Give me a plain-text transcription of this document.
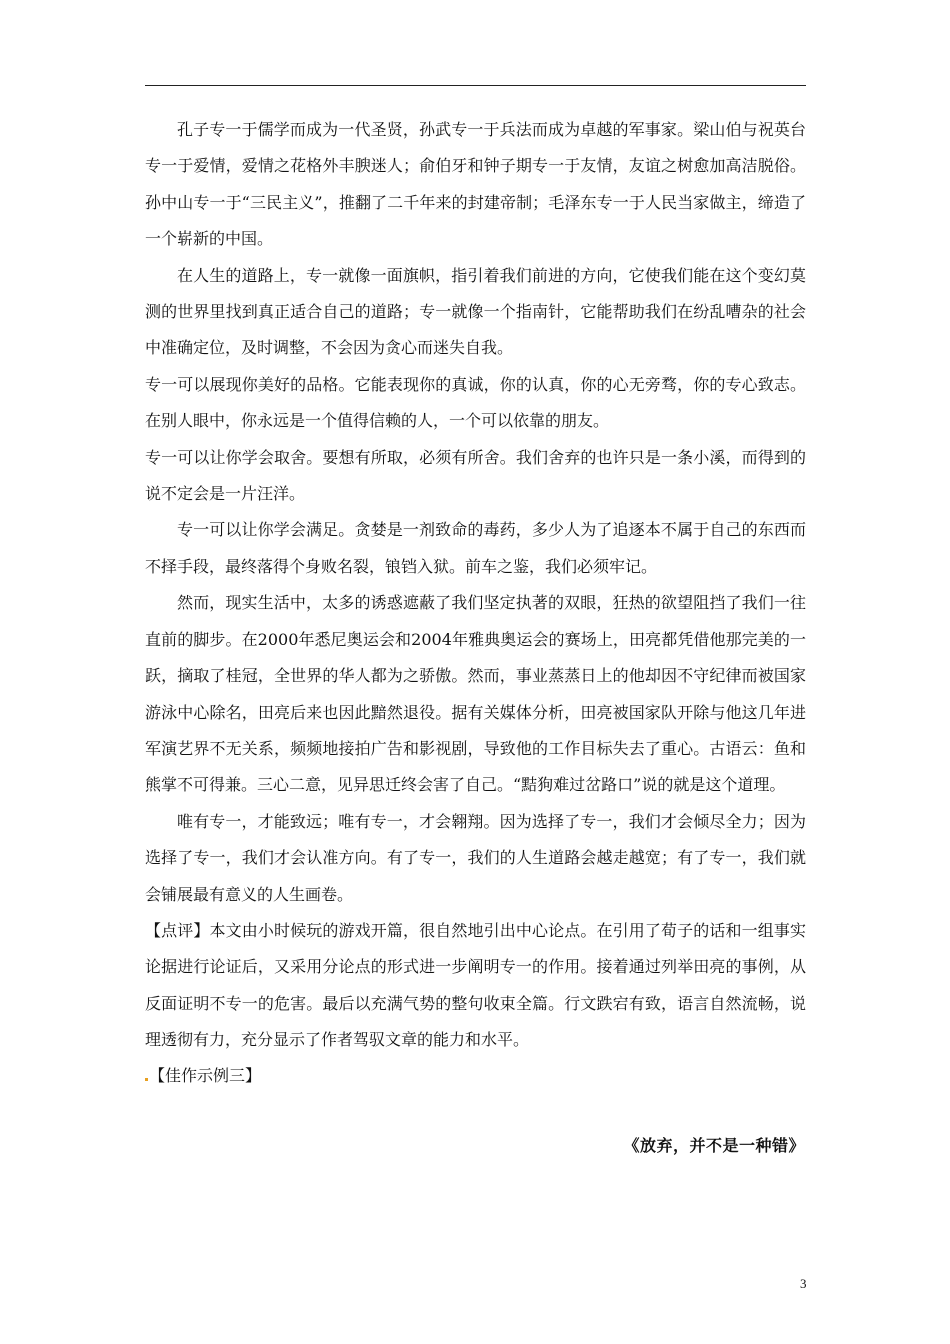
孔子专一于儒学而成为一代圣贤，孙武专一于兵法而成为卓越的军事家。梁山伯与祝英台专一于爱情，爱情之花格外丰腴迷人；俞伯牙和钟子期专一于友情，友谊之树愈加高洁脱俗。孙中山专一于“三民主义”，推翻了二千年来的封建帝制；毛泽东专一于人民当家做主，缔造了一个崭新的中国。

在人生的道路上，专一就像一面旗帜，指引着我们前进的方向，它使我们能在这个变幻莫测的世界里找到真正适合自己的道路；专一就像一个指南针，它能帮助我们在纷乱嘈杂的社会中准确定位，及时调整，不会因为贪心而迷失自我。

专一可以展现你美好的品格。它能表现你的真诚，你的认真，你的心无旁骛，你的专心致志。在别人眼中，你永远是一个值得信赖的人，一个可以依靠的朋友。

专一可以让你学会取舍。要想有所取，必须有所舍。我们舍弃的也许只是一条小溪，而得到的说不定会是一片汪洋。

专一可以让你学会满足。贪婪是一剂致命的毒药，多少人为了追逐本不属于自己的东西而不择手段，最终落得个身败名裂，锒铛入狱。前车之鉴，我们必须牢记。

然而，现实生活中，太多的诱惑遮蔽了我们坚定执著的双眼，狂热的欲望阻挡了我们一往直前的脚步。在2000年悉尼奥运会和2004年雅典奥运会的赛场上，田亮都凭借他那完美的一跃，摘取了桂冠，全世界的华人都为之骄傲。然而，事业蒸蒸日上的他却因不守纪律而被国家游泳中心除名，田亮后来也因此黯然退役。据有关媒体分析，田亮被国家队开除与他这几年进军演艺界不无关系，频频地接拍广告和影视剧，导致他的工作目标失去了重心。古语云：鱼和熊掌不可得兼。三心二意，见异思迁终会害了自己。“黠狗难过岔路口”说的就是这个道理。

唯有专一，才能致远；唯有专一，才会翱翔。因为选择了专一，我们才会倾尽全力；因为选择了专一，我们才会认准方向。有了专一，我们的人生道路会越走越宽；有了专一，我们就会铺展最有意义的人生画卷。

【点评】本文由小时候玩的游戏开篇，很自然地引出中心论点。在引用了荀子的话和一组事实论据进行论证后，又采用分论点的形式进一步阐明专一的作用。接着通过列举田亮的事例，从反面证明不专一的危害。最后以充满气势的整句收束全篇。行文跌宕有致，语言自然流畅，说理透彻有力，充分显示了作者驾驭文章的能力和水平。

【佳作示例三】
《放弃，并不是一种错》
3
